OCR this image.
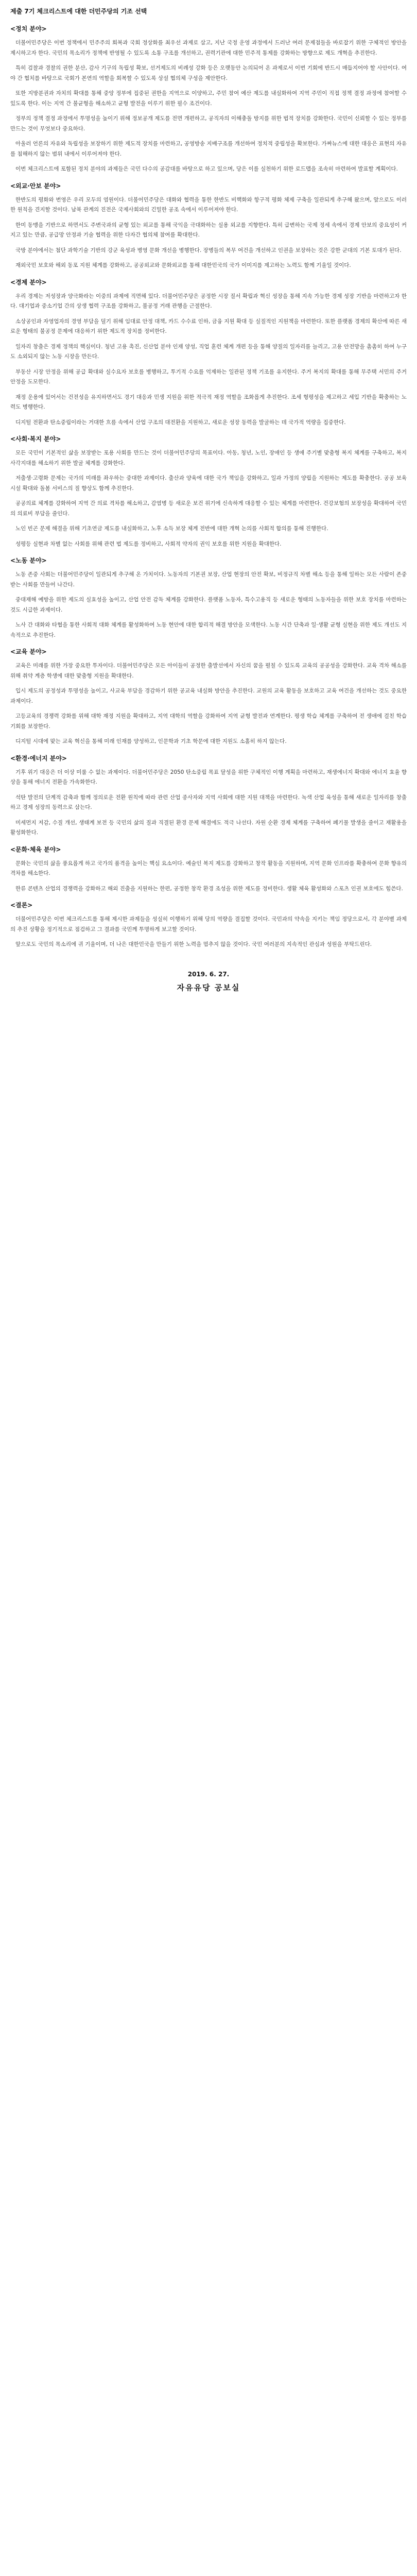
제출 7기 체크리스트에 대한 더민주당의 기조 선택
<정치 분야>

더불어민주당은 이번 정책에서 민주주의 회복과 국회 정상화를 최우선 과제로 삼고, 지난 국정 운영 과정에서 드러난 여러 문제점들을 바로잡기 위한 구체적인 방안을 제시하고자 한다. 국민의 목소리가 정책에 반영될 수 있도록 소통 구조를 개선하고, 권력기관에 대한 민주적 통제를 강화하는 방향으로 제도 개혁을 추진한다.

특히 검찰과 경찰의 권한 분산, 감사 기구의 독립성 확보, 선거제도의 비례성 강화 등은 오랫동안 논의되어 온 과제로서 이번 기회에 반드시 매듭지어야 할 사안이다. 여야 간 협치를 바탕으로 국회가 본연의 역할을 회복할 수 있도록 상설 협의체 구성을 제안한다.

또한 지방분권과 자치의 확대를 통해 중앙 정부에 집중된 권한을 지역으로 이양하고, 주민 참여 예산 제도를 내실화하여 지역 주민이 직접 정책 결정 과정에 참여할 수 있도록 한다. 이는 지역 간 불균형을 해소하고 균형 발전을 이루기 위한 필수 조건이다.

정부의 정책 결정 과정에서 투명성을 높이기 위해 정보공개 제도를 전면 개편하고, 공직자의 이해충돌 방지를 위한 법적 장치를 강화한다. 국민이 신뢰할 수 있는 정부를 만드는 것이 무엇보다 중요하다.

아울러 언론의 자유와 독립성을 보장하기 위한 제도적 장치를 마련하고, 공영방송 지배구조를 개선하여 정치적 중립성을 확보한다. 가짜뉴스에 대한 대응은 표현의 자유를 침해하지 않는 범위 내에서 이루어져야 한다.

이번 체크리스트에 포함된 정치 분야의 과제들은 국민 다수의 공감대를 바탕으로 하고 있으며, 당은 이를 실천하기 위한 로드맵을 조속히 마련하여 발표할 계획이다.

<외교·안보 분야>

한반도의 평화와 번영은 우리 모두의 염원이다. 더불어민주당은 대화와 협력을 통한 한반도 비핵화와 항구적 평화 체제 구축을 일관되게 추구해 왔으며, 앞으로도 이러한 원칙을 견지할 것이다. 남북 관계의 진전은 국제사회와의 긴밀한 공조 속에서 이루어져야 한다.

한미 동맹을 기반으로 하면서도 주변국과의 균형 있는 외교를 통해 국익을 극대화하는 실용 외교를 지향한다. 특히 급변하는 국제 정세 속에서 경제 안보의 중요성이 커지고 있는 만큼, 공급망 안정과 기술 협력을 위한 다자간 협의체 참여를 확대한다.

국방 분야에서는 첨단 과학기술 기반의 강군 육성과 병영 문화 개선을 병행한다. 장병들의 복무 여건을 개선하고 인권을 보장하는 것은 강한 군대의 기본 토대가 된다.

재외국민 보호와 해외 동포 지원 체계를 강화하고, 공공외교와 문화외교를 통해 대한민국의 국가 이미지를 제고하는 노력도 함께 기울일 것이다.

<경제 분야>

우리 경제는 저성장과 양극화라는 이중의 과제에 직면해 있다. 더불어민주당은 공정한 시장 질서 확립과 혁신 성장을 통해 지속 가능한 경제 성장 기반을 마련하고자 한다. 대기업과 중소기업 간의 상생 협력 구조를 강화하고, 불공정 거래 관행을 근절한다.

소상공인과 자영업자의 경영 부담을 덜기 위해 임대료 안정 대책, 카드 수수료 인하, 금융 지원 확대 등 실질적인 지원책을 마련한다. 또한 플랫폼 경제의 확산에 따른 새로운 형태의 불공정 문제에 대응하기 위한 제도적 장치를 정비한다.

일자리 창출은 경제 정책의 핵심이다. 청년 고용 촉진, 신산업 분야 인재 양성, 직업 훈련 체계 개편 등을 통해 양질의 일자리를 늘리고, 고용 안전망을 촘촘히 하여 누구도 소외되지 않는 노동 시장을 만든다.

부동산 시장 안정을 위해 공급 확대와 실수요자 보호를 병행하고, 투기적 수요를 억제하는 일관된 정책 기조를 유지한다. 주거 복지의 확대를 통해 무주택 서민의 주거 안정을 도모한다.

재정 운용에 있어서는 건전성을 유지하면서도 경기 대응과 민생 지원을 위한 적극적 재정 역할을 조화롭게 추진한다. 조세 형평성을 제고하고 세입 기반을 확충하는 노력도 병행한다.

디지털 전환과 탄소중립이라는 거대한 흐름 속에서 산업 구조의 대전환을 지원하고, 새로운 성장 동력을 발굴하는 데 국가적 역량을 집중한다.

<사회·복지 분야>

모든 국민이 기본적인 삶을 보장받는 포용 사회를 만드는 것이 더불어민주당의 목표이다. 아동, 청년, 노인, 장애인 등 생애 주기별 맞춤형 복지 체계를 구축하고, 복지 사각지대를 해소하기 위한 발굴 체계를 강화한다.

저출생·고령화 문제는 국가의 미래를 좌우하는 중대한 과제이다. 출산과 양육에 대한 국가 책임을 강화하고, 일과 가정의 양립을 지원하는 제도를 확충한다. 공공 보육 시설 확대와 돌봄 서비스의 질 향상도 함께 추진한다.

공공의료 체계를 강화하여 지역 간 의료 격차를 해소하고, 감염병 등 새로운 보건 위기에 신속하게 대응할 수 있는 체계를 마련한다. 건강보험의 보장성을 확대하여 국민의 의료비 부담을 줄인다.

노인 빈곤 문제 해결을 위해 기초연금 제도를 내실화하고, 노후 소득 보장 체계 전반에 대한 개혁 논의를 사회적 합의를 통해 진행한다.

성평등 실현과 차별 없는 사회를 위해 관련 법 제도를 정비하고, 사회적 약자의 권익 보호를 위한 지원을 확대한다.

<노동 분야>

노동 존중 사회는 더불어민주당이 일관되게 추구해 온 가치이다. 노동자의 기본권 보장, 산업 현장의 안전 확보, 비정규직 차별 해소 등을 통해 일하는 모든 사람이 존중받는 사회를 만들어 나간다.

중대재해 예방을 위한 제도의 실효성을 높이고, 산업 안전 감독 체계를 강화한다. 플랫폼 노동자, 특수고용직 등 새로운 형태의 노동자들을 위한 보호 장치를 마련하는 것도 시급한 과제이다.

노사 간 대화와 타협을 통한 사회적 대화 체계를 활성화하여 노동 현안에 대한 합리적 해결 방안을 모색한다. 노동 시간 단축과 일·생활 균형 실현을 위한 제도 개선도 지속적으로 추진한다.

<교육 분야>

교육은 미래를 위한 가장 중요한 투자이다. 더불어민주당은 모든 아이들이 공정한 출발선에서 자신의 꿈을 펼칠 수 있도록 교육의 공공성을 강화한다. 교육 격차 해소를 위해 취약 계층 학생에 대한 맞춤형 지원을 확대한다.

입시 제도의 공정성과 투명성을 높이고, 사교육 부담을 경감하기 위한 공교육 내실화 방안을 추진한다. 교원의 교육 활동을 보호하고 교육 여건을 개선하는 것도 중요한 과제이다.

고등교육의 경쟁력 강화를 위해 대학 재정 지원을 확대하고, 지역 대학의 역할을 강화하여 지역 균형 발전과 연계한다. 평생 학습 체계를 구축하여 전 생애에 걸친 학습 기회를 보장한다.

디지털 시대에 맞는 교육 혁신을 통해 미래 인재를 양성하고, 인문학과 기초 학문에 대한 지원도 소홀히 하지 않는다.

<환경·에너지 분야>

기후 위기 대응은 더 이상 미룰 수 없는 과제이다. 더불어민주당은 2050 탄소중립 목표 달성을 위한 구체적인 이행 계획을 마련하고, 재생에너지 확대와 에너지 효율 향상을 통해 에너지 전환을 가속화한다.

석탄 발전의 단계적 감축과 함께 정의로운 전환 원칙에 따라 관련 산업 종사자와 지역 사회에 대한 지원 대책을 마련한다. 녹색 산업 육성을 통해 새로운 일자리를 창출하고 경제 성장의 동력으로 삼는다.

미세먼지 저감, 수질 개선, 생태계 보전 등 국민의 삶의 질과 직결된 환경 문제 해결에도 적극 나선다. 자원 순환 경제 체계를 구축하여 폐기물 발생을 줄이고 재활용을 활성화한다.

<문화·체육 분야>

문화는 국민의 삶을 풍요롭게 하고 국가의 품격을 높이는 핵심 요소이다. 예술인 복지 제도를 강화하고 창작 활동을 지원하며, 지역 문화 인프라를 확충하여 문화 향유의 격차를 해소한다.

한류 콘텐츠 산업의 경쟁력을 강화하고 해외 진출을 지원하는 한편, 공정한 창작 환경 조성을 위한 제도를 정비한다. 생활 체육 활성화와 스포츠 인권 보호에도 힘쓴다.

<결론>

더불어민주당은 이번 체크리스트를 통해 제시한 과제들을 성실히 이행하기 위해 당의 역량을 결집할 것이다. 국민과의 약속을 지키는 책임 정당으로서, 각 분야별 과제의 추진 상황을 정기적으로 점검하고 그 결과를 국민께 투명하게 보고할 것이다.

앞으로도 국민의 목소리에 귀 기울이며, 더 나은 대한민국을 만들기 위한 노력을 멈추지 않을 것이다. 국민 여러분의 지속적인 관심과 성원을 부탁드린다.

2019. 6. 27.
자유유당 공보실
